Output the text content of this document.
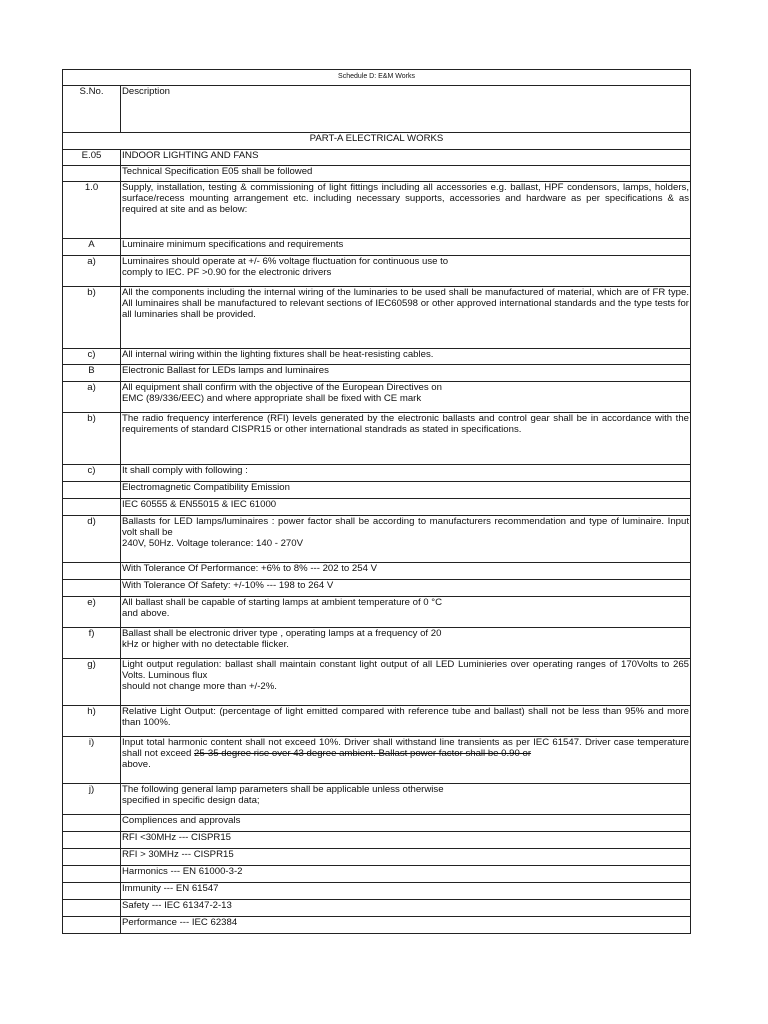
Schedule D: E&M Works	
S.No.	Description
PART-A ELECTRICAL WORKS	
E.05	INDOOR LIGHTING AND FANS

	Technical Specification E05 shall be followed

1.0	Supply, installation, testing & commissioning of light fittings including all accessories e.g. ballast, HPF condensors, lamps, holders, surface/recess mounting arrangement etc. including necessary supports, accessories and hardware as per specifications & as required at site and as below:

A	Luminaire minimum specifications and requirements

a)	Luminaires should operate at +/- 6% voltage fluctuation for continuous use to
comply to IEC. PF >0.90 for the electronic drivers

b)	All the components including the internal wiring of the luminaries to be used shall be manufactured of material, which are of FR type. All luminaires shall be manufactured to relevant sections of IEC60598 or other approved international standards and the type tests for all luminaries shall be provided.

c)	All internal wiring within the lighting fixtures shall be heat-resisting cables.

B	Electronic Ballast for LEDs lamps and luminaires

a)	All equipment shall confirm with the objective of the European Directives on
EMC (89/336/EEC) and where appropriate shall be fixed with CE mark

b)	The radio frequency interference (RFI) levels generated by the electronic ballasts and control gear shall be in accordance with the requirements of standard CISPR15 or other international standrads as stated in specifications.

c)	It shall comply with following :

	Electromagnetic Compatibility Emission

	IEC 60555 & EN55015 & IEC 61000

d)	Ballasts for LED lamps/luminaires : power factor shall be according to manufacturers recommendation and type of luminaire. Input volt shall be
240V, 50Hz. Voltage tolerance: 140 - 270V

	With Tolerance Of Performance: +6% to 8% --- 202 to 254 V

	With Tolerance Of Safety: +/-10% --- 198 to 264 V

e)	All ballast shall be capable of starting lamps at ambient temperature of 0 °C
and above.

f)	Ballast shall be electronic driver type , operating lamps at a frequency of 20
kHz or higher with no detectable flicker.

g)	Light output regulation: ballast shall maintain constant light output of all LED Luminieries over operating ranges of 170Volts to 265 Volts. Luminous flux
should not change more than +/-2%.

h)	Relative Light Output: (percentage of light emitted compared with reference tube and ballast) shall not be less than 95% and more than 100%.

i)	Input total harmonic content shall not exceed 10%. Driver shall withstand line transients as per IEC 61547. Driver case temperature shall not exceed 25-35 degree rise over 43 degree ambient. Ballast power factor shall be 0.90 or
above.

j)	The following general lamp parameters shall be applicable unless otherwise
specified in specific design data;

	Compliences and approvals

	RFI <30MHz --- CISPR15

	RFI > 30MHz --- CISPR15

	Harmonics --- EN 61000-3-2

	Immunity --- EN 61547

	Safety --- IEC 61347-2-13

	Performance --- IEC 62384
